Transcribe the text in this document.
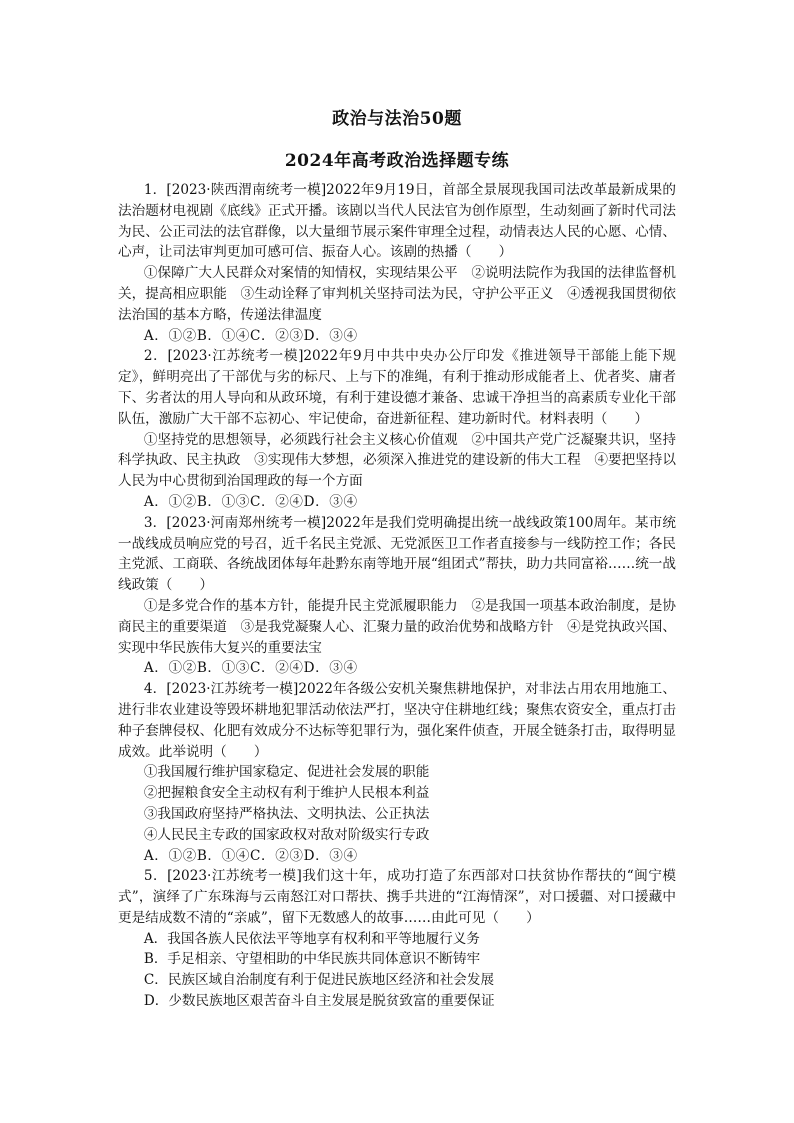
政治与法治50题
2024年高考政治选择题专练

1．[2023·陕西渭南统考一模]2022年9月19日，首部全景展现我国司法改革最新成果的法治题材电视剧《底线》正式开播。该剧以当代人民法官为创作原型，生动刻画了新时代司法为民、公正司法的法官群像，以大量细节展示案件审理全过程，动情表达人民的心愿、心情、心声，让司法审判更加可感可信、振奋人心。该剧的热播（　　）

①保障广大人民群众对案情的知情权，实现结果公平　②说明法院作为我国的法律监督机关，提高相应职能　③生动诠释了审判机关坚持司法为民，守护公平正义　④透视我国贯彻依法治国的基本方略，传递法律温度

A．①②B．①④C．②③D．③④

2．[2023·江苏统考一模]2022年9月中共中央办公厅印发《推进领导干部能上能下规定》，鲜明亮出了干部优与劣的标尺、上与下的准绳，有利于推动形成能者上、优者奖、庸者下、劣者汰的用人导向和从政环境，有利于建设德才兼备、忠诚干净担当的高素质专业化干部队伍，激励广大干部不忘初心、牢记使命，奋进新征程、建功新时代。材料表明（　　）

①坚持党的思想领导，必须践行社会主义核心价值观　②中国共产党广泛凝聚共识，坚持科学执政、民主执政　③实现伟大梦想，必须深入推进党的建设新的伟大工程　④要把坚持以人民为中心贯彻到治国理政的每一个方面

A．①②B．①③C．②④D．③④

3．[2023·河南郑州统考一模]2022年是我们党明确提出统一战线政策100周年。某市统一战线成员响应党的号召，近千名民主党派、无党派医卫工作者直接参与一线防控工作；各民主党派、工商联、各统战团体每年赴黔东南等地开展“组团式”帮扶，助力共同富裕……统一战线政策（　　）

①是多党合作的基本方针，能提升民主党派履职能力　②是我国一项基本政治制度，是协商民主的重要渠道　③是我党凝聚人心、汇聚力量的政治优势和战略方针　④是党执政兴国、实现中华民族伟大复兴的重要法宝

A．①②B．①③C．②④D．③④

4．[2023·江苏统考一模]2022年各级公安机关聚焦耕地保护，对非法占用农用地施工、进行非农业建设等毁坏耕地犯罪活动依法严打，坚决守住耕地红线；聚焦农资安全，重点打击种子套牌侵权、化肥有效成分不达标等犯罪行为，强化案件侦查，开展全链条打击，取得明显成效。此举说明（　　）

①我国履行维护国家稳定、促进社会发展的职能

②把握粮食安全主动权有利于维护人民根本利益

③我国政府坚持严格执法、文明执法、公正执法

④人民民主专政的国家政权对敌对阶级实行专政

A．①②B．①④C．②③D．③④

5．[2023·江苏统考一模]我们这十年，成功打造了东西部对口扶贫协作帮扶的“闽宁模式”，演绎了广东珠海与云南怒江对口帮扶、携手共进的“江海情深”，对口援疆、对口援藏中更是结成数不清的“亲戚”，留下无数感人的故事……由此可见（　　）

A．我国各族人民依法平等地享有权利和平等地履行义务

B．手足相亲、守望相助的中华民族共同体意识不断铸牢

C．民族区域自治制度有利于促进民族地区经济和社会发展

D．少数民族地区艰苦奋斗自主发展是脱贫致富的重要保证
